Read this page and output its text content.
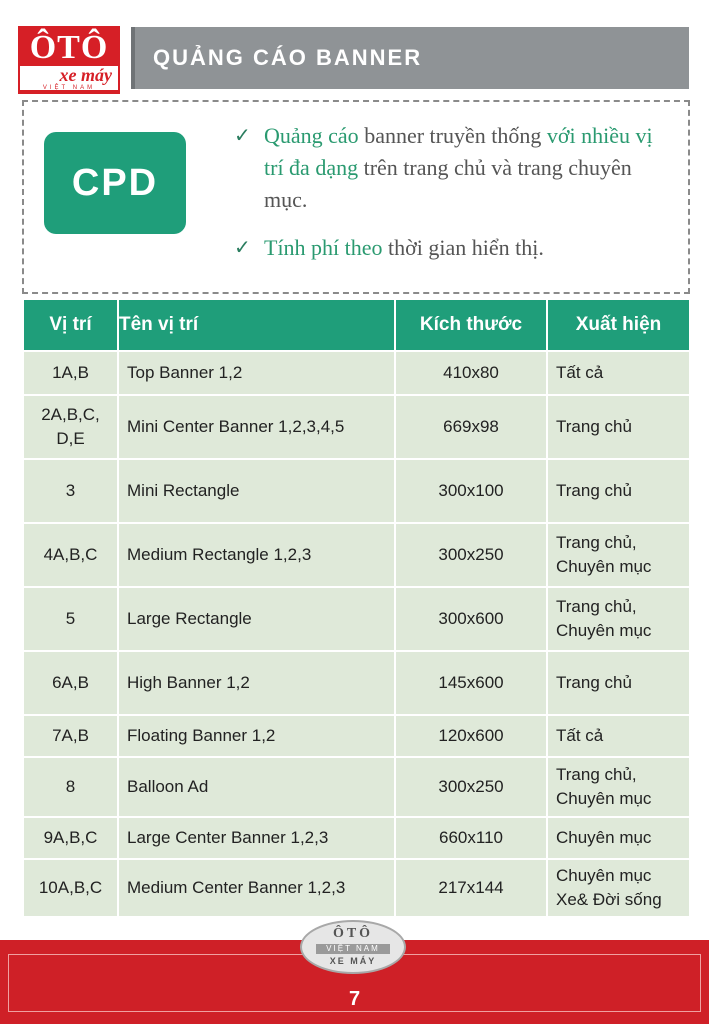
ÔTÔ
xe máy
VIỆT NAM
QUẢNG CÁO BANNER
CPD
✓ Quảng cáo banner truyền thống với nhiều vị trí đa dạng trên trang chủ và trang chuyên mục.
✓ Tính phí theo thời gian hiển thị.
Vị trí	Tên vị trí	Kích thước	Xuất hiện
1A,B	Top Banner 1,2	410x80	Tất cả
2A,B,C, D,E	Mini Center Banner 1,2,3,4,5	669x98	Trang chủ
3	Mini Rectangle	300x100	Trang chủ
4A,B,C	Medium Rectangle 1,2,3	300x250	Trang chủ,
Chuyên mục
5	Large Rectangle	300x600	Trang chủ,
Chuyên mục
6A,B	High Banner 1,2	145x600	Trang chủ
7A,B	Floating Banner 1,2	120x600	Tất cả
8	Balloon Ad	300x250	Trang chủ,
Chuyên mục
9A,B,C	Large Center Banner 1,2,3	660x110	Chuyên mục
10A,B,C	Medium Center Banner 1,2,3	217x144	Chuyên mục
Xe& Đời sống
ÔTÔ
VIỆT NAM
XE MÁY
7
